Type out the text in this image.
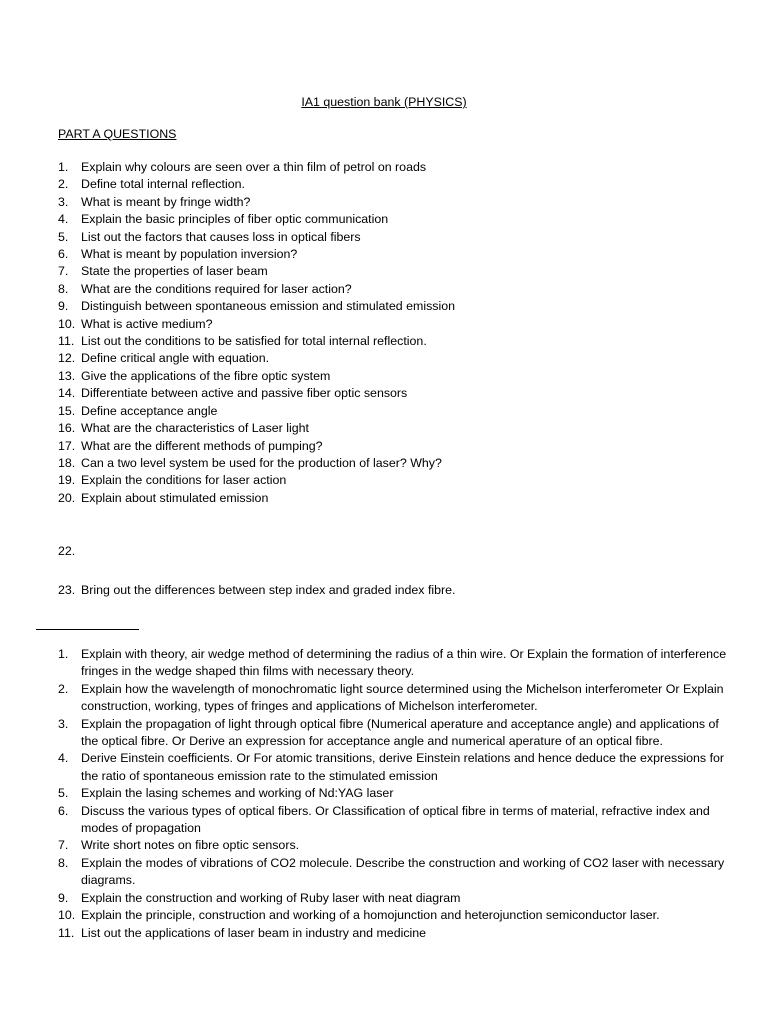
IA1 question bank (PHYSICS)
PART A QUESTIONS
1.	Explain why colours are seen over a thin film of petrol on roads
2.	Define total internal reflection.
3.	What is meant by fringe width?
4.	Explain the basic principles of fiber optic communication
5.	List out the factors that causes loss in optical fibers
6.	What is meant by population inversion?
7.	State the properties of laser beam
8.	What are the conditions required for laser action?
9.	Distinguish between spontaneous emission and stimulated emission
10. What is active medium?
11. List out the conditions to be satisfied for total internal reflection.
12. Define critical angle with equation.
13. Give the applications of the fibre optic system
14. Differentiate between active and passive fiber optic sensors
15. Define acceptance angle
16. What are the characteristics of Laser light
17. What are the different methods of pumping?
18. Can a two level system be used for the production of laser? Why?
19. Explain the conditions for laser action
20. Explain about stimulated emission
22.
23. Bring out the differences between step index and graded index fibre.
1.	Explain with theory, air wedge method of determining the radius of a thin wire. Or Explain the formation of interference fringes in the wedge shaped thin films with necessary theory.
2.	Explain how the wavelength of monochromatic light source determined using the Michelson interferometer Or Explain construction, working, types of fringes and applications of Michelson interferometer.
3.	Explain the propagation of light through optical fibre (Numerical aperature and acceptance angle) and applications of the optical fibre. Or Derive an expression for acceptance angle and numerical aperature of an optical fibre.
4.	Derive Einstein coefficients. Or For atomic transitions, derive Einstein relations and hence deduce the expressions for the ratio of spontaneous emission rate to the stimulated emission
5.	Explain the lasing schemes and working of Nd:YAG laser
6.	Discuss the various types of optical fibers. Or Classification of optical fibre in terms of material, refractive index and modes of propagation
7.	Write short notes on fibre optic sensors.
8.	Explain the modes of vibrations of CO2 molecule. Describe the construction and working of CO2 laser with necessary diagrams.
9.	Explain the construction and working of Ruby laser with neat diagram
10. Explain the principle, construction and working of a homojunction and heterojunction semiconductor laser.
11. List out the applications of laser beam in industry and medicine
